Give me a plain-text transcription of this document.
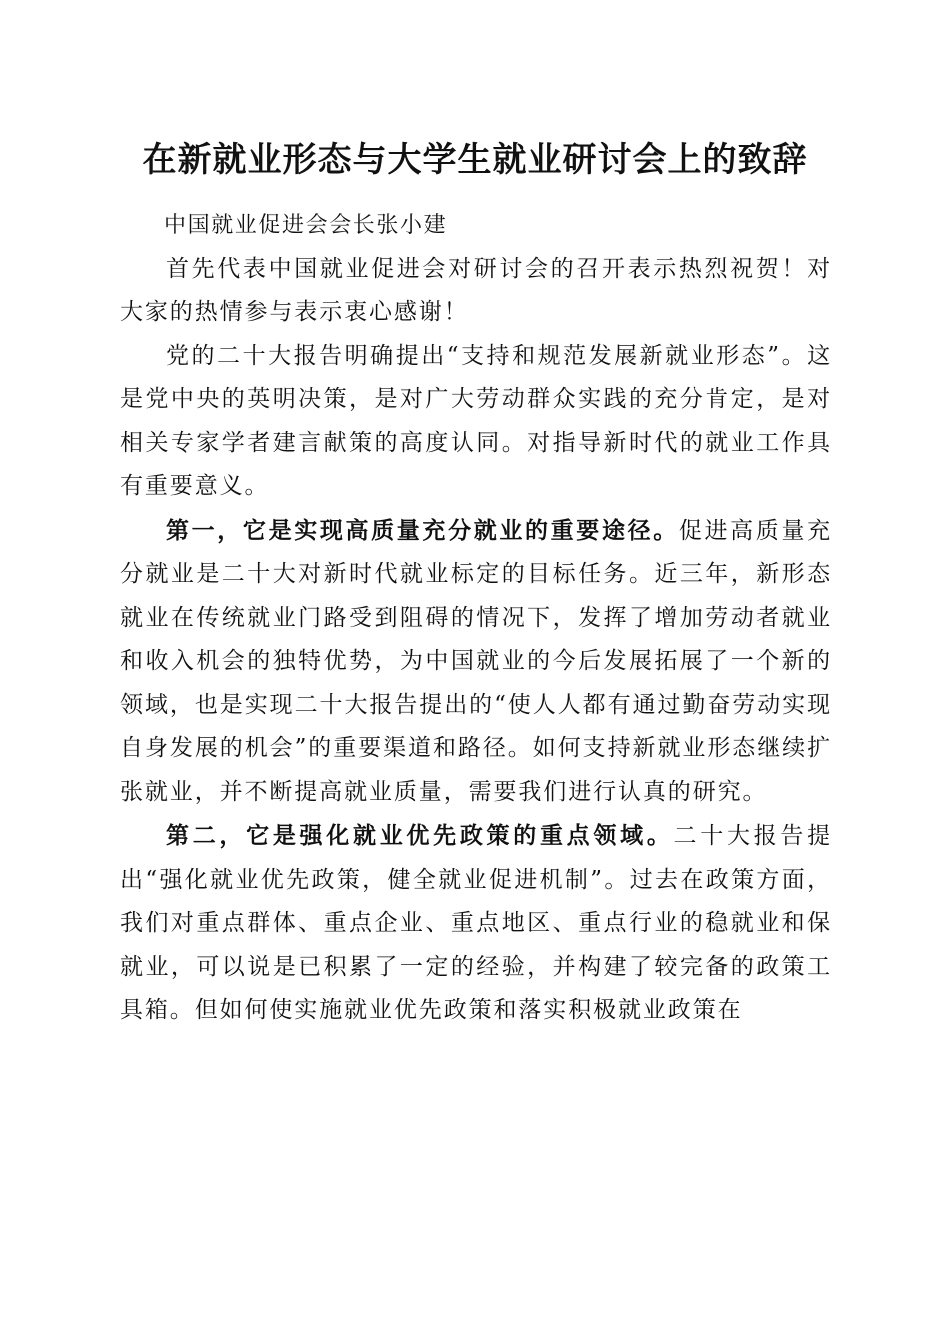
在新就业形态与大学生就业研讨会上的致辞

中国就业促进会会长张小建

首先代表中国就业促进会对研讨会的召开表示热烈祝贺！对大家的热情参与表示衷心感谢！

党的二十大报告明确提出“支持和规范发展新就业形态”。这是党中央的英明决策，是对广大劳动群众实践的充分肯定，是对相关专家学者建言献策的高度认同。对指导新时代的就业工作具有重要意义。

第一，它是实现高质量充分就业的重要途径。促进高质量充分就业是二十大对新时代就业标定的目标任务。近三年，新形态就业在传统就业门路受到阻碍的情况下，发挥了增加劳动者就业和收入机会的独特优势，为中国就业的今后发展拓展了一个新的领域，也是实现二十大报告提出的“使人人都有通过勤奋劳动实现自身发展的机会”的重要渠道和路径。如何支持新就业形态继续扩张就业，并不断提高就业质量，需要我们进行认真的研究。

第二，它是强化就业优先政策的重点领域。二十大报告提出“强化就业优先政策，健全就业促进机制”。过去在政策方面，我们对重点群体、重点企业、重点地区、重点行业的稳就业和保就业，可以说是已积累了一定的经验，并构建了较完备的政策工具箱。但如何使实施就业优先政策和落实积极就业政策在
